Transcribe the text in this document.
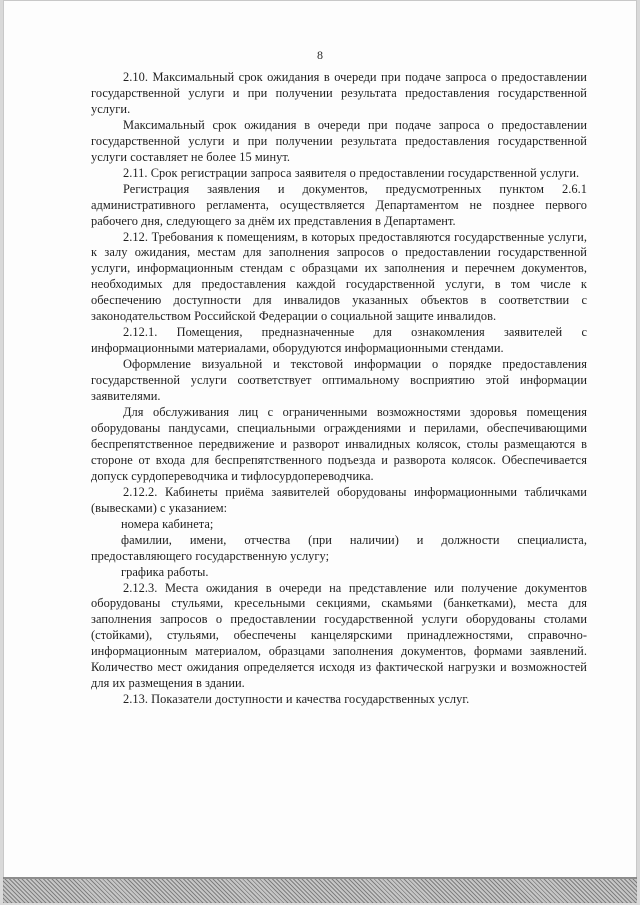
8

2.10. Максимальный срок ожидания в очереди при подаче запроса о предоставлении государственной услуги и при получении результата предоставления государственной услуги.

Максимальный срок ожидания в очереди при подаче запроса о предоставлении государственной услуги и при получении результата предоставления государственной услуги составляет не более 15 минут.

2.11. Срок регистрации запроса заявителя о предоставлении государственной услуги.

Регистрация заявления и документов, предусмотренных пунктом 2.6.1 административного регламента, осуществляется Департаментом не позднее первого рабочего дня, следующего за днём их представления в Департамент.

2.12. Требования к помещениям, в которых предоставляются государственные услуги, к залу ожидания, местам для заполнения запросов о предоставлении государственной услуги, информационным стендам с образцами их заполнения и перечнем документов, необходимых для предоставления каждой государственной услуги, в том числе к обеспечению доступности для инвалидов указанных объектов в соответствии с законодательством Российской Федерации о социальной защите инвалидов.

2.12.1. Помещения, предназначенные для ознакомления заявителей с информационными материалами, оборудуются информационными стендами.

Оформление визуальной и текстовой информации о порядке предоставления государственной услуги соответствует оптимальному восприятию этой информации заявителями.

Для обслуживания лиц с ограниченными возможностями здоровья помещения оборудованы пандусами, специальными ограждениями и перилами, обеспечивающими беспрепятственное передвижение и разворот инвалидных колясок, столы размещаются в стороне от входа для беспрепятственного подъезда и разворота колясок. Обеспечивается допуск сурдопереводчика и тифлосурдопереводчика.

2.12.2. Кабинеты приёма заявителей оборудованы информационными табличками (вывесками) с указанием:

номера кабинета;

фамилии, имени, отчества (при наличии) и должности специалиста, предоставляющего государственную услугу;

графика работы.

2.12.3. Места ожидания в очереди на представление или получение документов оборудованы стульями, кресельными секциями, скамьями (банкетками), места для заполнения запросов о предоставлении государственной услуги оборудованы столами (стойками), стульями, обеспечены канцелярскими принадлежностями, справочно-информационным материалом, образцами заполнения документов, формами заявлений. Количество мест ожидания определяется исходя из фактической нагрузки и возможностей для их размещения в здании.

2.13. Показатели доступности и качества государственных услуг.
